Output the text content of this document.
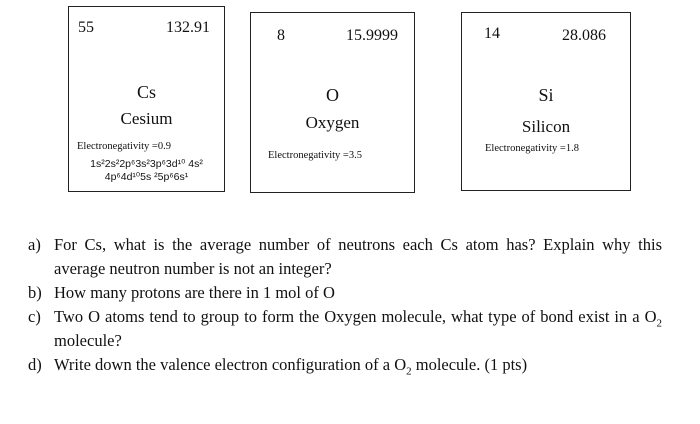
55	132.91
Cs
Cesium
Electronegativity =0.9
1s²2s²2p⁶3s²3p⁶3d¹⁰ 4s²
4p⁶4d¹⁰5s ²5p⁶6s¹
8	15.9999
O
Oxygen
Electronegativity =3.5
14	28.086
Si
Silicon
Electronegativity =1.8
a) For Cs, what is the average number of neutrons each Cs atom has? Explain why this average neutron number is not an integer?
b) How many protons are there in 1 mol of O
c) Two O atoms tend to group to form the Oxygen molecule, what type of bond exist in a $O_2$ molecule?
d) Write down the valence electron configuration of a $O_2$ molecule. (1 pts)
